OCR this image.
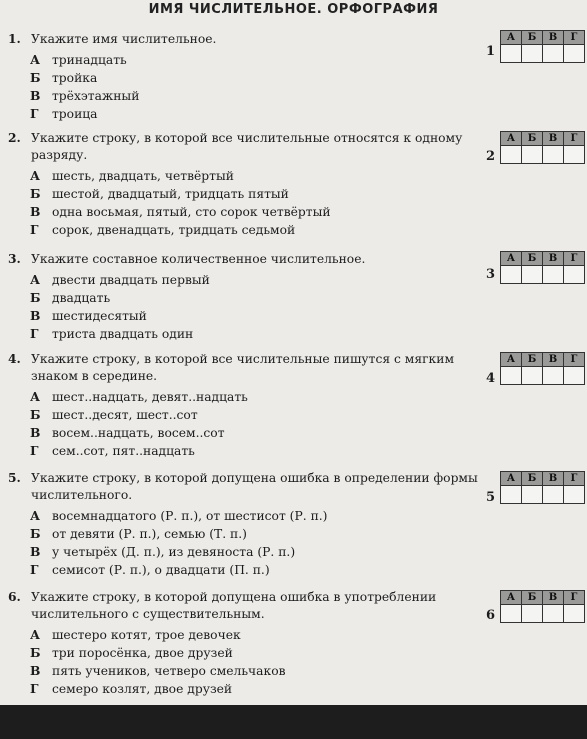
ИМЯ ЧИСЛИТЕЛЬНОЕ. ОРФОГРАФИЯ
1. Укажите имя числительное.
А тринадцать
Б тройка
В трёхэтажный
Г троица
1
А	Б	В	Г

2. Укажите строку, в которой все числительные относятся к одному разряду.
А шесть, двадцать, четвёртый
Б шестой, двадцатый, тридцать пятый
В одна восьмая, пятый, сто сорок четвёртый
Г сорок, двенадцать, тридцать седьмой
2
А	Б	В	Г

3. Укажите составное количественное числительное.
А двести двадцать первый
Б двадцать
В шестидесятый
Г триста двадцать один
3
А	Б	В	Г

4. Укажите строку, в которой все числительные пишутся с мягким знаком в середине.
А шест..надцать, девят..надцать
Б шест..десят, шест..сот
В восем..надцать, восем..сот
Г сем..сот, пят..надцать
4
А	Б	В	Г

5. Укажите строку, в которой допущена ошибка в определении формы числительного.
А восемнадцатого (Р. п.), от шестисот (Р. п.)
Б от девяти (Р. п.), семью (Т. п.)
В у четырёх (Д. п.), из девяноста (Р. п.)
Г семисот (Р. п.), о двадцати (П. п.)
5
А	Б	В	Г

6. Укажите строку, в которой допущена ошибка в употреблении числительного с существительным.
А шестеро котят, трое девочек
Б три поросёнка, двое друзей
В пять учеников, четверо смельчаков
Г семеро козлят, двое друзей
6
А	Б	В	Г
